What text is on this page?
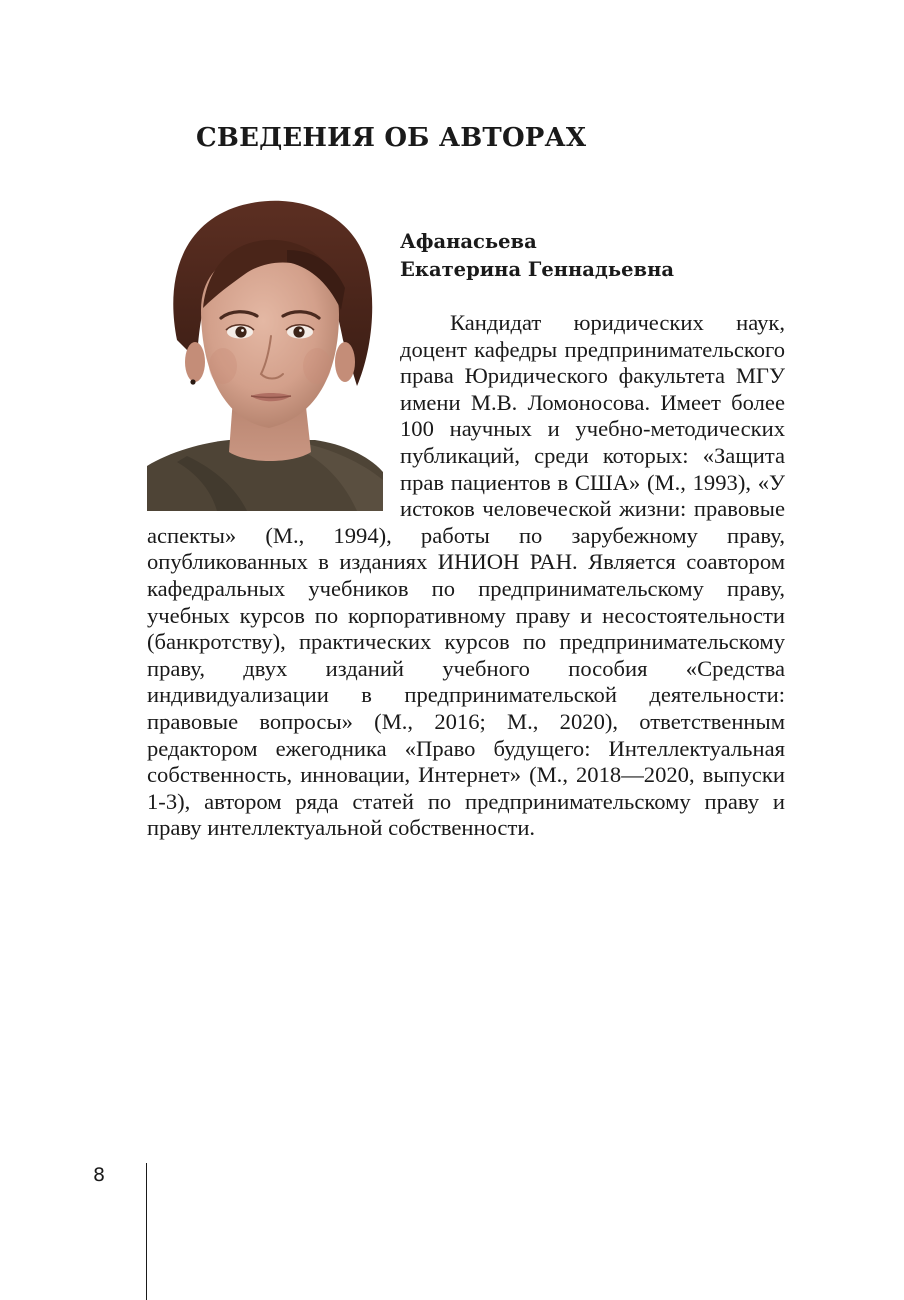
СВЕДЕНИЯ ОБ АВТОРАХ
Афанасьева
Екатерина Геннадьевна

Кандидат юридических наук, доцент кафедры предпринимательского права Юридического факультета МГУ имени М.В. Ломоносова. Имеет более 100 научных и учебно-методических публикаций, среди которых: «Защита прав пациентов в США» (М., 1993), «У истоков человеческой жизни: правовые аспекты» (М., 1994), работы по зарубежному праву, опубликованных в изданиях ИНИОН РАН. Является соавтором кафедральных учебников по предпринимательскому праву, учебных курсов по корпоративному праву и несостоятельности (банкротству), практических курсов по предпринимательскому праву, двух изданий учебного пособия «Средства индивидуализации в предпринимательской деятельности: правовые вопросы» (М., 2016; М., 2020), ответственным редактором ежегодника «Право будущего: Интеллектуальная собственность, инновации, Интернет» (М., 2018—2020, выпуски 1-3), автором ряда статей по предпринимательскому праву и праву интеллектуальной собственности.

8
